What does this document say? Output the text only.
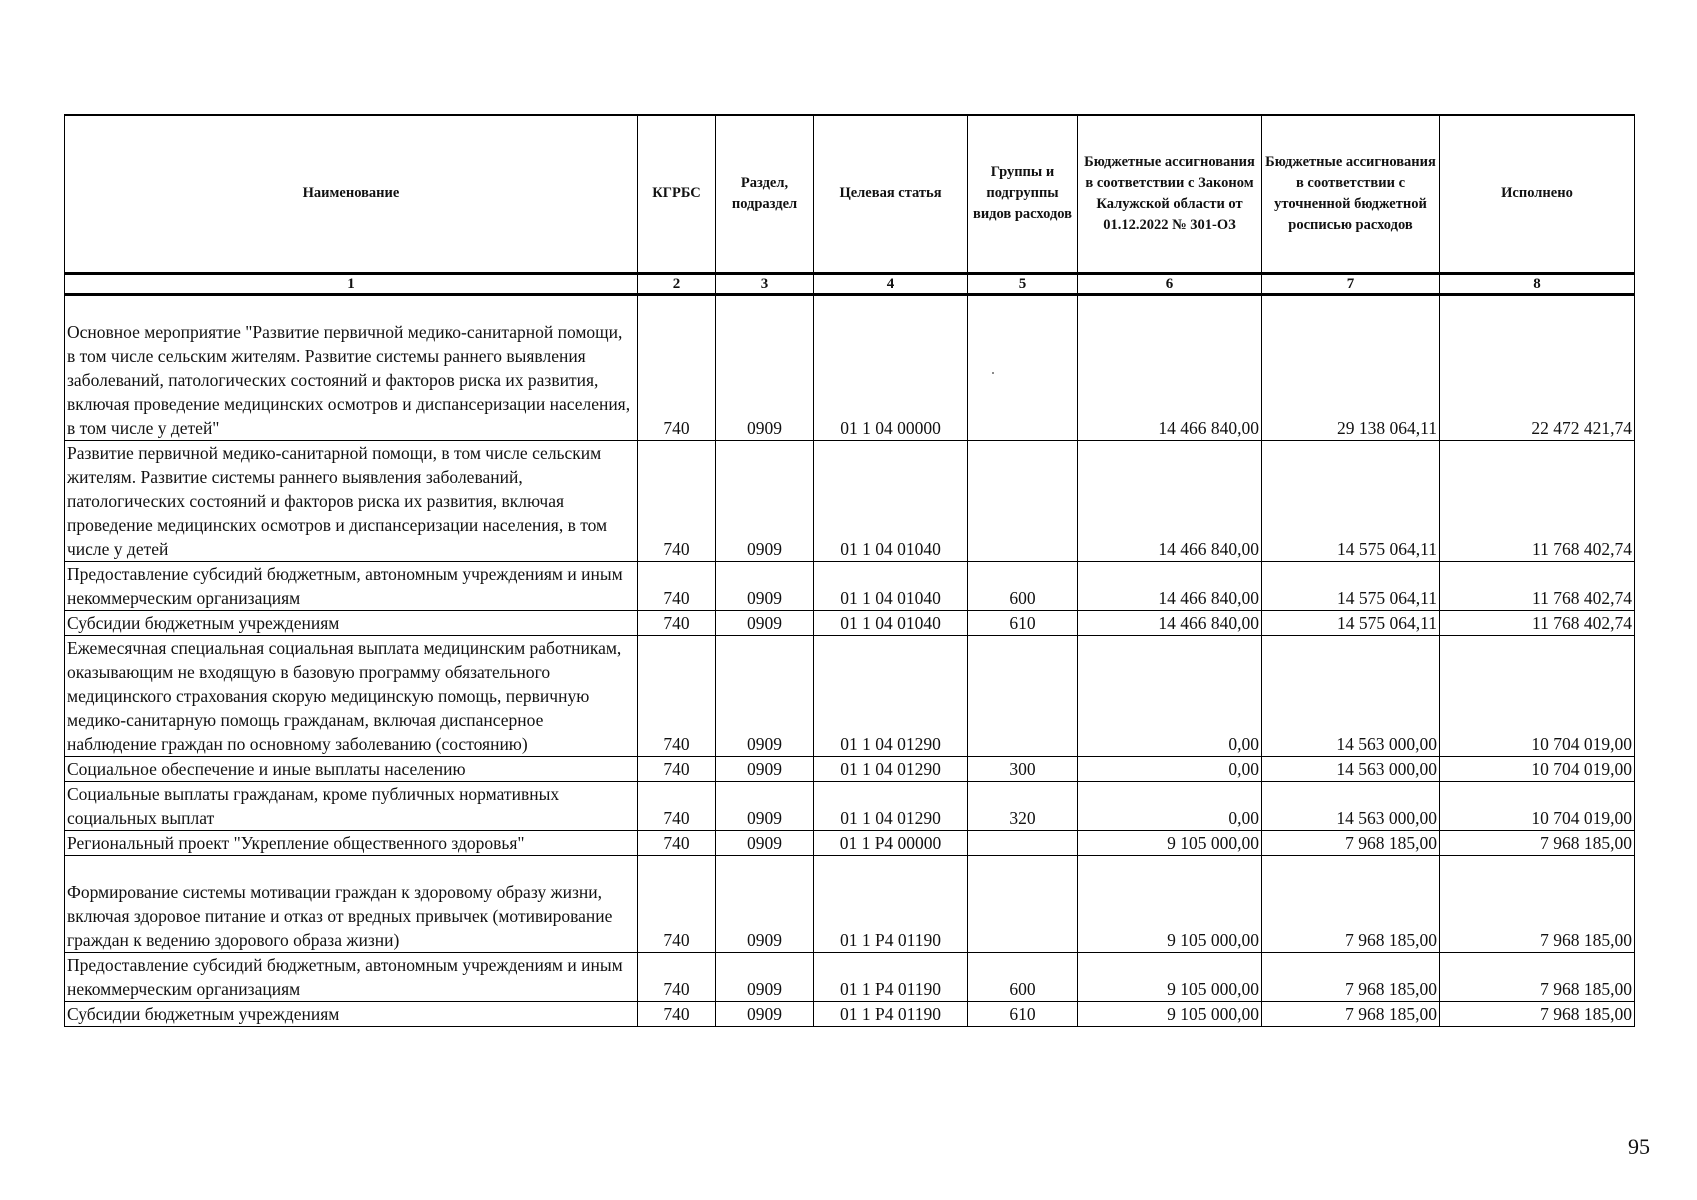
Наименование	КГРБС	Раздел, подраздел	Целевая статья	Группы и подгруппы видов расходов	Бюджетные ассигнования в соответствии с Законом Калужской области от 01.12.2022 № 301-ОЗ	Бюджетные ассигнования в соответствии с уточненной бюджетной росписью расходов	Исполнено
1	2	3	4	5	6	7	8
Основное мероприятие "Развитие первичной медико-санитарной помощи, в том числе сельским жителям. Развитие системы раннего выявления заболеваний, патологических состояний и факторов риска их развития, включая проведение медицинских осмотров и диспансеризации населения, в том числе у детей"	740	0909	01 1 04 00000		14 466 840,00	29 138 064,11	22 472 421,74
Развитие первичной медико-санитарной помощи, в том числе сельским жителям. Развитие системы раннего выявления заболеваний, патологических состояний и факторов риска их развития, включая проведение медицинских осмотров и диспансеризации населения, в том числе у детей	740	0909	01 1 04 01040		14 466 840,00	14 575 064,11	11 768 402,74
Предоставление субсидий бюджетным, автономным учреждениям и иным некоммерческим организациям	740	0909	01 1 04 01040	600	14 466 840,00	14 575 064,11	11 768 402,74
Субсидии бюджетным учреждениям	740	0909	01 1 04 01040	610	14 466 840,00	14 575 064,11	11 768 402,74
Ежемесячная специальная социальная выплата медицинским работникам, оказывающим не входящую в базовую программу обязательного медицинского страхования скорую медицинскую помощь, первичную медико-санитарную помощь гражданам, включая диспансерное наблюдение граждан по основному заболеванию (состоянию)	740	0909	01 1 04 01290		0,00	14 563 000,00	10 704 019,00
Социальное обеспечение и иные выплаты населению	740	0909	01 1 04 01290	300	0,00	14 563 000,00	10 704 019,00
Социальные выплаты гражданам, кроме публичных нормативных социальных выплат	740	0909	01 1 04 01290	320	0,00	14 563 000,00	10 704 019,00
Региональный проект "Укрепление общественного здоровья"	740	0909	01 1 P4 00000		9 105 000,00	7 968 185,00	7 968 185,00
Формирование системы мотивации граждан к здоровому образу жизни, включая здоровое питание и отказ от вредных привычек (мотивирование граждан к ведению здорового образа жизни)	740	0909	01 1 P4 01190		9 105 000,00	7 968 185,00	7 968 185,00
Предоставление субсидий бюджетным, автономным учреждениям и иным некоммерческим организациям	740	0909	01 1 P4 01190	600	9 105 000,00	7 968 185,00	7 968 185,00
Субсидии бюджетным учреждениям	740	0909	01 1 P4 01190	610	9 105 000,00	7 968 185,00	7 968 185,00
95
